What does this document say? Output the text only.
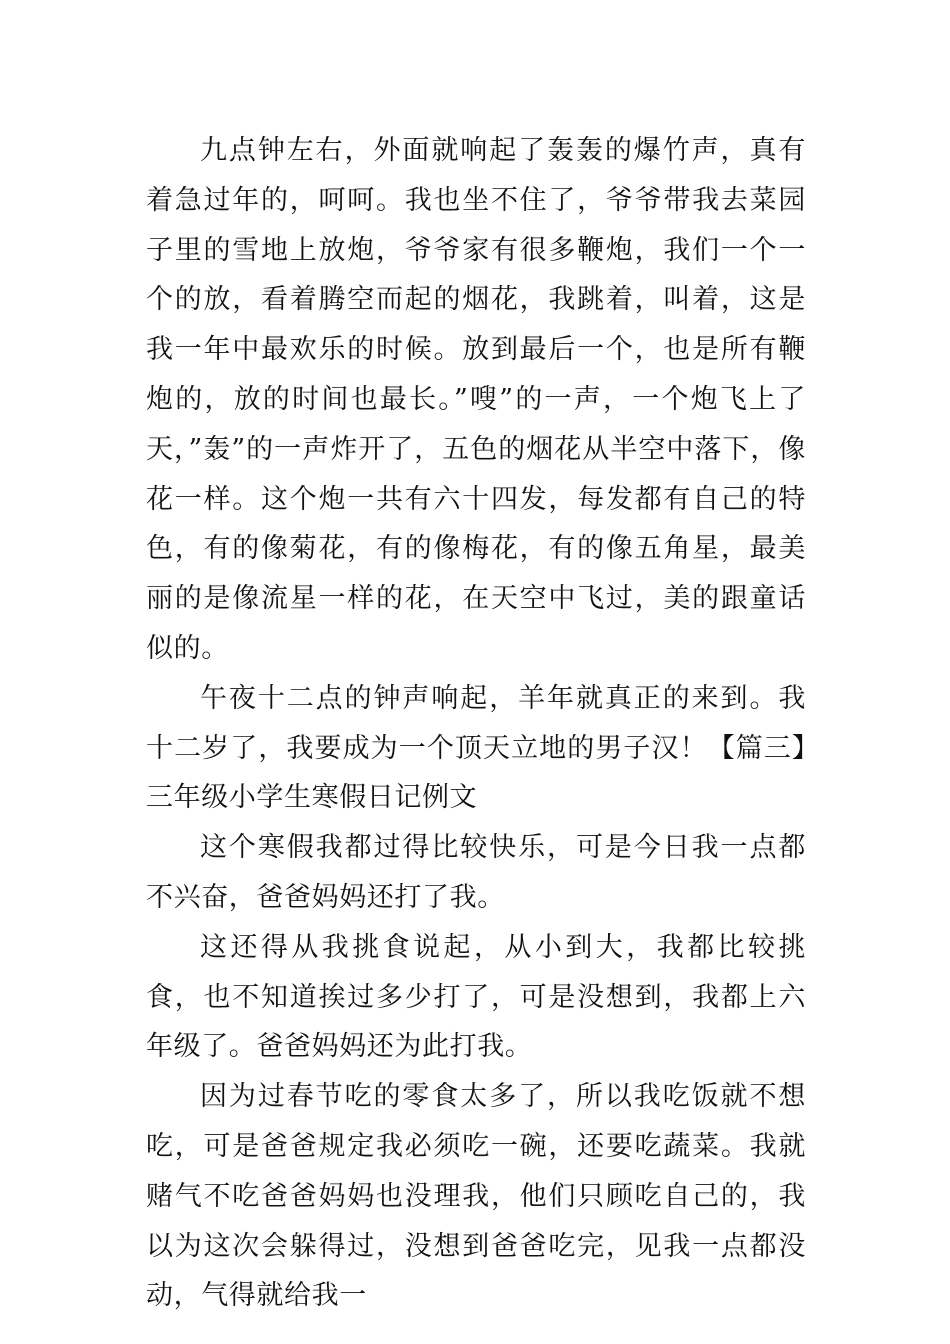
九点钟左右，外面就响起了轰轰的爆竹声，真有着急过年的，呵呵。我也坐不住了，爷爷带我去菜园子里的雪地上放炮，爷爷家有很多鞭炮，我们一个一个的放，看着腾空而起的烟花，我跳着，叫着，这是我一年中最欢乐的时候。放到最后一个，也是所有鞭炮的，放的时间也最长。”嗖”的一声，一个炮飞上了天，”轰”的一声炸开了，五色的烟花从半空中落下，像花一样。这个炮一共有六十四发，每发都有自己的特色，有的像菊花，有的像梅花，有的像五角星，最美丽的是像流星一样的花，在天空中飞过，美的跟童话似的。

午夜十二点的钟声响起，羊年就真正的来到。我十二岁了，我要成为一个顶天立地的男子汉！【篇三】三年级小学生寒假日记例文

这个寒假我都过得比较快乐，可是今日我一点都不兴奋，爸爸妈妈还打了我。

这还得从我挑食说起，从小到大，我都比较挑食，也不知道挨过多少打了，可是没想到，我都上六年级了。爸爸妈妈还为此打我。

因为过春节吃的零食太多了，所以我吃饭就不想吃，可是爸爸规定我必须吃一碗，还要吃蔬菜。我就赌气不吃爸爸妈妈也没理我，他们只顾吃自己的，我以为这次会躲得过，没想到爸爸吃完，见我一点都没动，气得就给我一
